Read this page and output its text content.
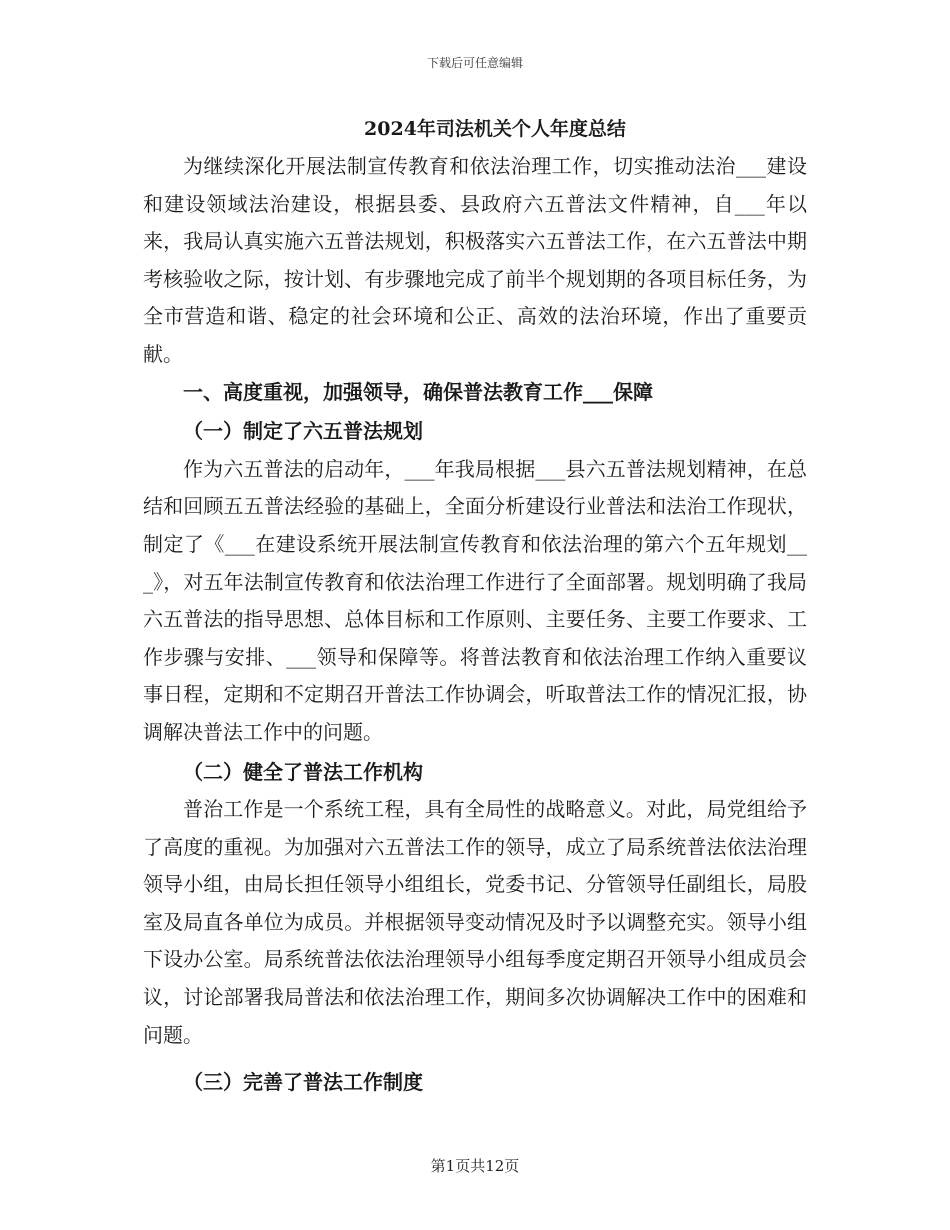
下载后可任意编辑
2024年司法机关个人年度总结

为继续深化开展法制宣传教育和依法治理工作，切实推动法治___建设和建设领域法治建设，根据县委、县政府六五普法文件精神，自___年以来，我局认真实施六五普法规划，积极落实六五普法工作，在六五普法中期考核验收之际，按计划、有步骤地完成了前半个规划期的各项目标任务，为全市营造和谐、稳定的社会环境和公正、高效的法治环境，作出了重要贡献。

一、高度重视，加强领导，确保普法教育工作___保障

（一）制定了六五普法规划

作为六五普法的启动年，___年我局根据___县六五普法规划精神，在总结和回顾五五普法经验的基础上，全面分析建设行业普法和法治工作现状，制定了《___在建设系统开展法制宣传教育和依法治理的第六个五年规划___》，对五年法制宣传教育和依法治理工作进行了全面部署。规划明确了我局六五普法的指导思想、总体目标和工作原则、主要任务、主要工作要求、工作步骤与安排、___领导和保障等。将普法教育和依法治理工作纳入重要议事日程，定期和不定期召开普法工作协调会，听取普法工作的情况汇报，协调解决普法工作中的问题。

（二）健全了普法工作机构

普治工作是一个系统工程，具有全局性的战略意义。对此，局党组给予了高度的重视。为加强对六五普法工作的领导，成立了局系统普法依法治理领导小组，由局长担任领导小组组长，党委书记、分管领导任副组长，局股室及局直各单位为成员。并根据领导变动情况及时予以调整充实。领导小组下设办公室。局系统普法依法治理领导小组每季度定期召开领导小组成员会议，讨论部署我局普法和依法治理工作，期间多次协调解决工作中的困难和问题。

（三）完善了普法工作制度

第1页共12页
